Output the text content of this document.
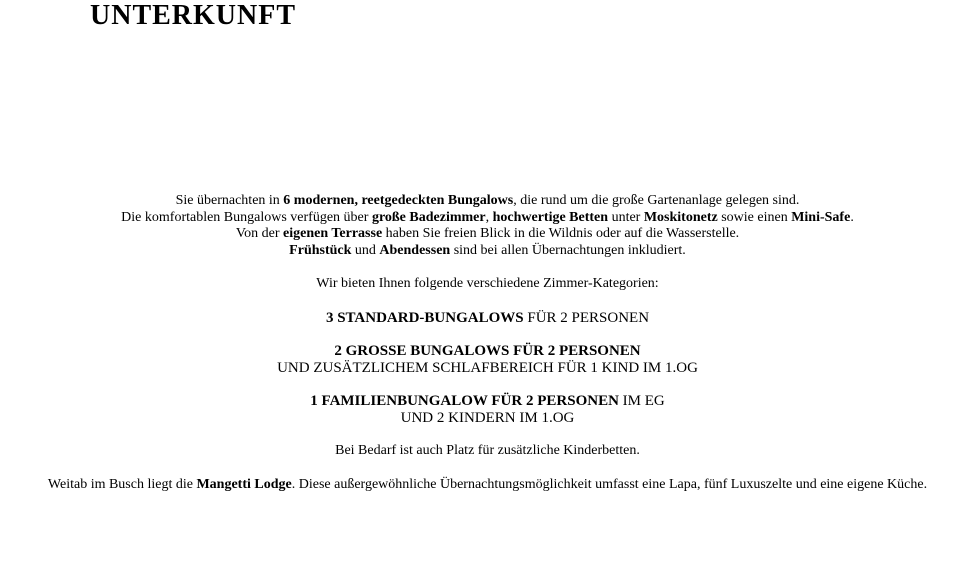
UNTERKUNFT

Sie übernachten in 6 modernen, reetgedeckten Bungalows, die rund um die große Gartenanlage gelegen sind.

Die komfortablen Bungalows verfügen über große Badezimmer, hochwertige Betten unter Moskitonetz sowie einen Mini-Safe.

Von der eigenen Terrasse haben Sie freien Blick in die Wildnis oder auf die Wasserstelle.

Frühstück und Abendessen sind bei allen Übernachtungen inkludiert.

Wir bieten Ihnen folgende verschiedene Zimmer-Kategorien:

3 STANDARD-BUNGALOWS FÜR 2 PERSONEN

2 GROSSE BUNGALOWS FÜR 2 PERSONEN

UND ZUSÄTZLICHEM SCHLAFBEREICH FÜR 1 KIND IM 1.OG

1 FAMILIENBUNGALOW FÜR 2 PERSONEN IM EG

UND 2 KINDERN IM 1.OG

Bei Bedarf ist auch Platz für zusätzliche Kinderbetten.

Weitab im Busch liegt die Mangetti Lodge. Diese außergewöhnliche Übernachtungsmöglichkeit umfasst eine Lapa, fünf Luxuszelte und eine eigene Küche.
